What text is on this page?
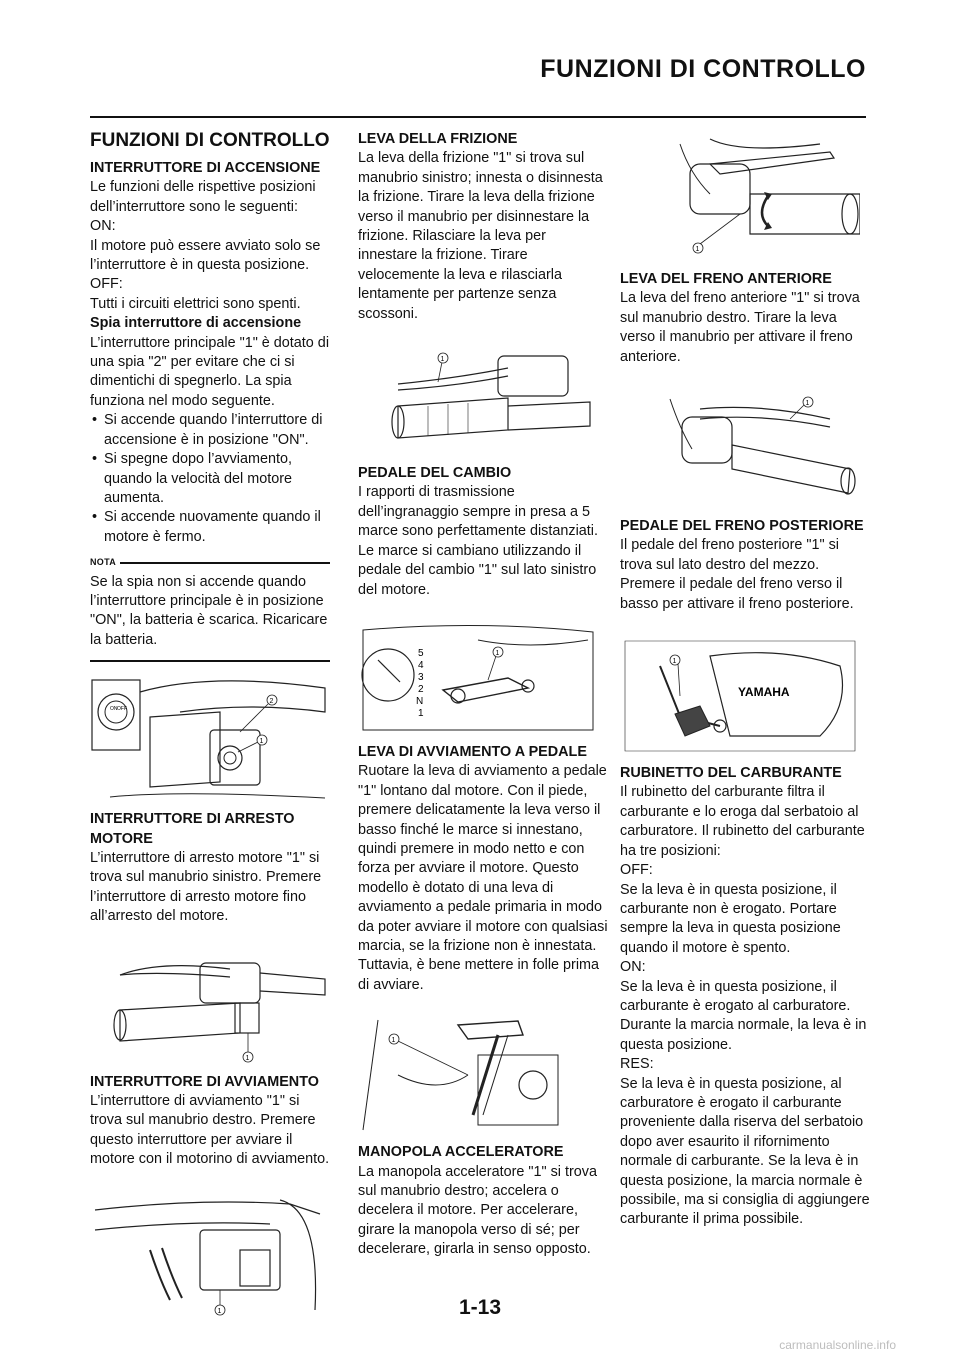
FUNZIONI DI CONTROLLO
FUNZIONI DI CONTROLLO
INTERRUTTORE DI ACCENSIONE

Le funzioni delle rispettive posizioni dell’interruttore sono le seguenti:

ON:

Il motore può essere avviato solo se l’interruttore è in questa posizione.

OFF:

Tutti i circuiti elettrici sono spenti.

Spia interruttore di accensione

L’interruttore principale "1" è dotato di una spia "2" per evitare che ci si dimentichi di spegnerlo. La spia funziona nel modo seguente.

• Si accende quando l’interruttore di accensione è in posizione "ON".
• Si spegne dopo l’avviamento, quando la velocità del motore aumenta.
• Si accende nuovamente quando il motore è fermo.
NOTA

Se la spia non si accende quando l’interruttore principale è in posizione "ON", la batteria è scarica. Ricaricare la batteria.

ON OFF
2
1
INTERRUTTORE DI ARRESTO MOTORE

L’interruttore di arresto motore "1" si trova sul manubrio sinistro. Premere l’interruttore di arresto motore fino all’arresto del motore.

1
INTERRUTTORE DI AVVIAMENTO

L’interruttore di avviamento "1" si trova sul manubrio destro. Premere questo interruttore per avviare il motore con il motorino di avviamento.

1
LEVA DELLA FRIZIONE

La leva della frizione "1" si trova sul manubrio sinistro; innesta o disinnesta la frizione. Tirare la leva della frizione verso il manubrio per disinnestare la frizione. Rilasciare la leva per innestare la frizione. Tirare velocemente la leva e rilasciarla lentamente per partenze senza scossoni.

1
PEDALE DEL CAMBIO

I rapporti di trasmissione dell’ingranaggio sempre in presa a 5 marce sono perfettamente distanziati. Le marce si cambiano utilizzando il pedale del cambio "1" sul lato sinistro del motore.

5
4
3
2
N
1
1
LEVA DI AVVIAMENTO A PEDALE

Ruotare la leva di avviamento a pedale "1" lontano dal motore. Con il piede, premere delicatamente la leva verso il basso finché le marce si innestano, quindi premere in modo netto e con forza per avviare il motore. Questo modello è dotato di una leva di avviamento a pedale primaria in modo da poter avviare il motore con qualsiasi marcia, se la frizione non è innestata. Tuttavia, è bene mettere in folle prima di avviare.

1
MANOPOLA ACCELERATORE

La manopola acceleratore "1" si trova sul manubrio destro; accelera o decelera il motore. Per accelerare, girare la manopola verso di sé; per decelerare, girarla in senso opposto.

1
LEVA DEL FRENO ANTERIORE

La leva del freno anteriore "1" si trova sul manubrio destro. Tirare la leva verso il manubrio per attivare il freno anteriore.

1
PEDALE DEL FRENO POSTERIORE

Il pedale del freno posteriore "1" si trova sul lato destro del mezzo. Premere il pedale del freno verso il basso per attivare il freno posteriore.

YAMAHA
1
RUBINETTO DEL CARBURANTE

Il rubinetto del carburante filtra il carburante e lo eroga dal serbatoio al carburatore. Il rubinetto del carburante ha tre posizioni:

OFF:

Se la leva è in questa posizione, il carburante non è erogato. Portare sempre la leva in questa posizione quando il motore è spento.

ON:

Se la leva è in questa posizione, il carburante è erogato al carburatore. Durante la marcia normale, la leva è in questa posizione.

RES:

Se la leva è in questa posizione, al carburatore è erogato il carburante proveniente dalla riserva del serbatoio dopo aver esaurito il rifornimento normale di carburante. Se la leva è in questa posizione, la marcia normale è possibile, ma si consiglia di aggiungere carburante il prima possibile.

1-13
carmanualsonline.info
